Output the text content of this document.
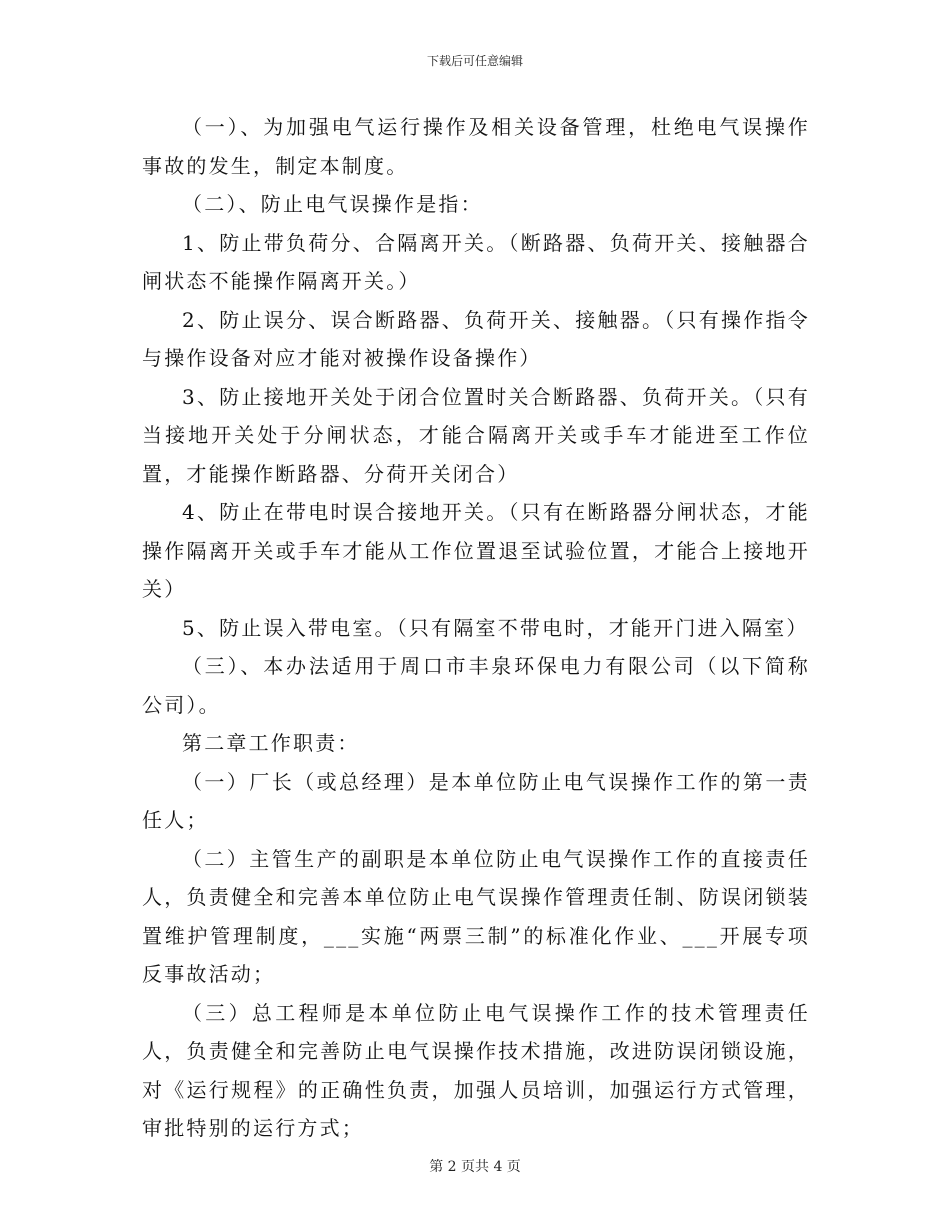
下载后可任意编辑

（一）、为加强电气运行操作及相关设备管理，杜绝电气误操作事故的发生，制定本制度。

（二）、防止电气误操作是指：

1、防止带负荷分、合隔离开关。（断路器、负荷开关、接触器合闸状态不能操作隔离开关。）

2、防止误分、误合断路器、负荷开关、接触器。（只有操作指令与操作设备对应才能对被操作设备操作）

3、防止接地开关处于闭合位置时关合断路器、负荷开关。（只有当接地开关处于分闸状态，才能合隔离开关或手车才能进至工作位置，才能操作断路器、分荷开关闭合）

4、防止在带电时误合接地开关。（只有在断路器分闸状态，才能操作隔离开关或手车才能从工作位置退至试验位置，才能合上接地开关）

5、防止误入带电室。（只有隔室不带电时，才能开门进入隔室）

（三）、本办法适用于周口市丰泉环保电力有限公司（以下简称公司）。

第二章工作职责：

（一）厂长（或总经理）是本单位防止电气误操作工作的第一责任人；

（二）主管生产的副职是本单位防止电气误操作工作的直接责任人，负责健全和完善本单位防止电气误操作管理责任制、防误闭锁装置维护管理制度，___实施“两票三制”的标准化作业、___开展专项反事故活动；

（三）总工程师是本单位防止电气误操作工作的技术管理责任人，负责健全和完善防止电气误操作技术措施，改进防误闭锁设施，对《运行规程》的正确性负责，加强人员培训，加强运行方式管理，审批特别的运行方式；

第 2 页共 4 页
